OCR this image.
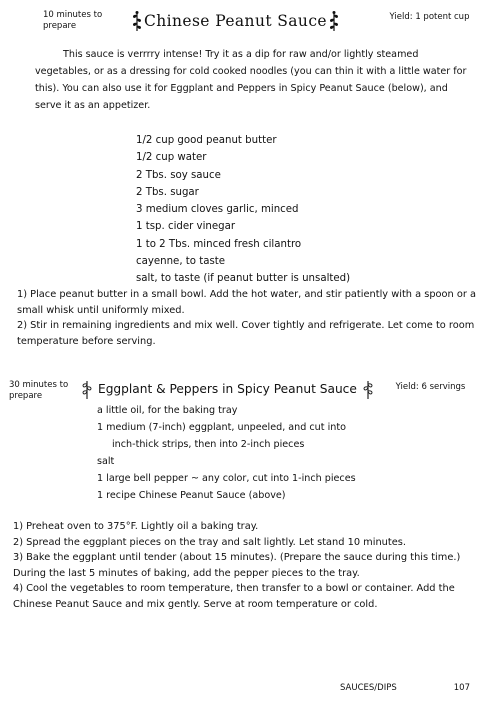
10 minutes to prepare	Chinese Peanut Sauce	Yield: 1 potent cup

This sauce is verrrry intense! Try it as a dip for raw and/or lightly steamed vegetables, or as a dressing for cold cooked noodles (you can thin it with a little water for this). You can also use it for Eggplant and Peppers in Spicy Peanut Sauce (below), and serve it as an appetizer.

1/2 cup good peanut butter
1/2 cup water
2 Tbs. soy sauce
2 Tbs. sugar
3 medium cloves garlic, minced
1 tsp. cider vinegar
1 to 2 Tbs. minced fresh cilantro
cayenne, to taste
salt, to taste (if peanut butter is unsalted)
1) Place peanut butter in a small bowl. Add the hot water, and stir patiently with a spoon or a small whisk until uniformly mixed.
2) Stir in remaining ingredients and mix well. Cover tightly and refrigerate. Let come to room temperature before serving.
30 minutes to prepare	Eggplant & Peppers in Spicy Peanut Sauce	Yield: 6 servings
a little oil, for the baking tray
1 medium (7-inch) eggplant, unpeeled, and cut into
inch-thick strips, then into 2-inch pieces
salt
1 large bell pepper ~ any color, cut into 1-inch pieces
1 recipe Chinese Peanut Sauce (above)
1) Preheat oven to 375°F. Lightly oil a baking tray.
2) Spread the eggplant pieces on the tray and salt lightly. Let stand 10 minutes.
3) Bake the eggplant until tender (about 15 minutes). (Prepare the sauce during this time.) During the last 5 minutes of baking, add the pepper pieces to the tray.
4) Cool the vegetables to room temperature, then transfer to a bowl or container. Add the Chinese Peanut Sauce and mix gently. Serve at room temperature or cold.
SAUCES/DIPS	107
